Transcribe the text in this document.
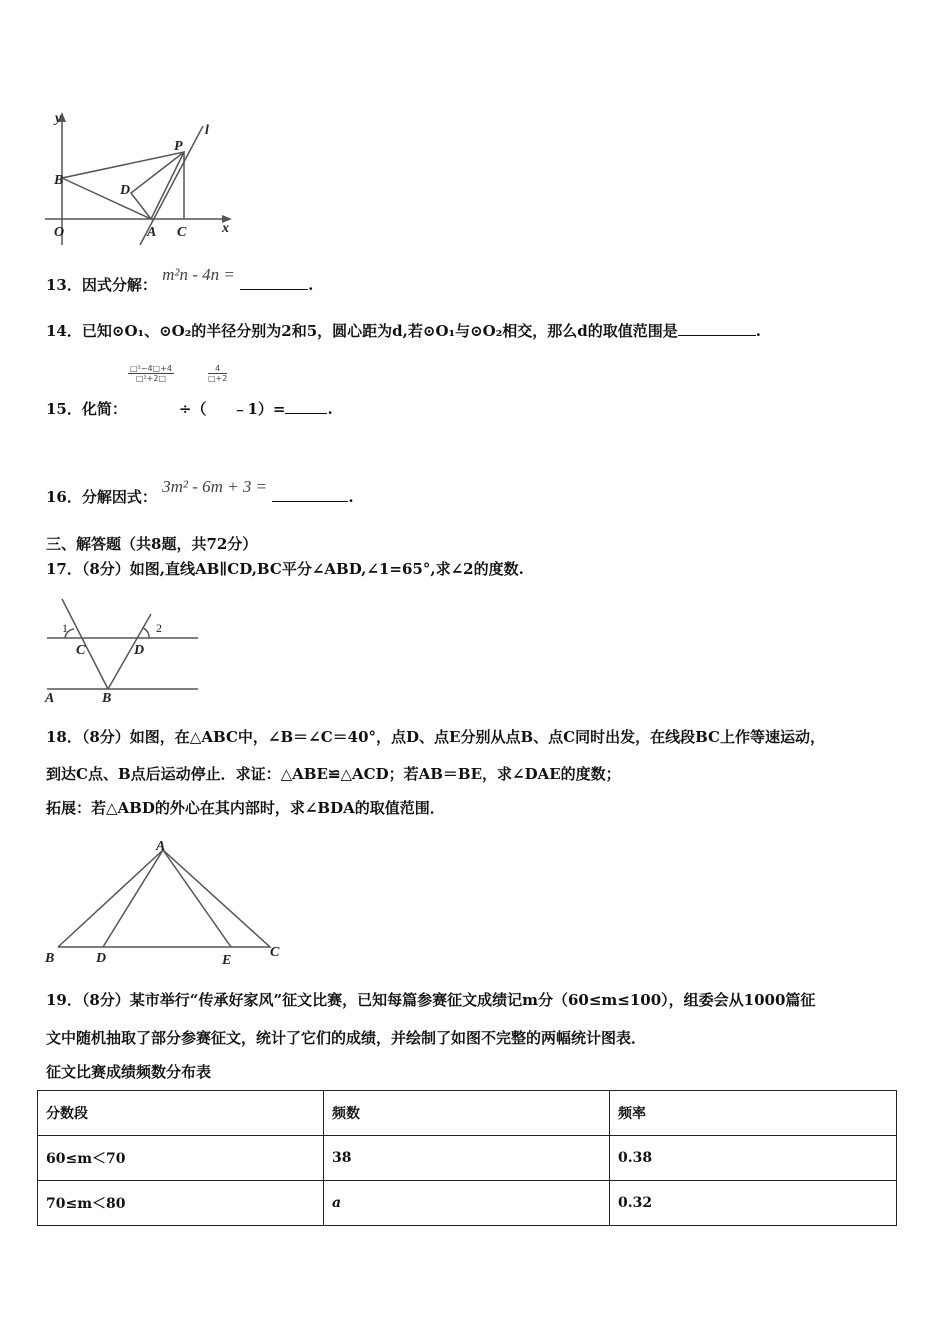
y
l
P
B
D
O	A C	x
13．因式分解： m²n - 4n = .
14．已知⊙O₁、⊙O₂的半径分别为2和5，圆心距为d,若⊙O₁与⊙O₂相交，那么d的取值范围是	.
$\frac{\text{□²−4□+4}}{\text{□²+2□}}$	$\frac{4}{□+2}$
15．化简：	÷（ ﹣1）=	.
16．分解因式： 3m² - 6m + 3 = .
三、解答题（共8题，共72分）
17．（8分）如图,直线AB∥CD,BC平分∠ABD,∠1=65°,求∠2的度数.
1	2
C	D
A	B
18．（8分）如图，在△ABC中，∠B＝∠C＝40°，点D、点E分别从点B、点C同时出发，在线段BC上作等速运动，
到达C点、B点后运动停止．求证：△ABE≌△ACD；若AB＝BE，求∠DAE的度数；
拓展：若△ABD的外心在其内部时，求∠BDA的取值范围．
A
B	D	E
C
19．（8分）某市举行“传承好家风”征文比赛，已知每篇参赛征文成绩记m分（60≤m≤100），组委会从1000篇征
文中随机抽取了部分参赛征文，统计了它们的成绩，并绘制了如图不完整的两幅统计图表．
征文比赛成绩频数分布表
分数段	频数	频率
60≤m＜70	38	0.38
70≤m＜80	a	0.32
